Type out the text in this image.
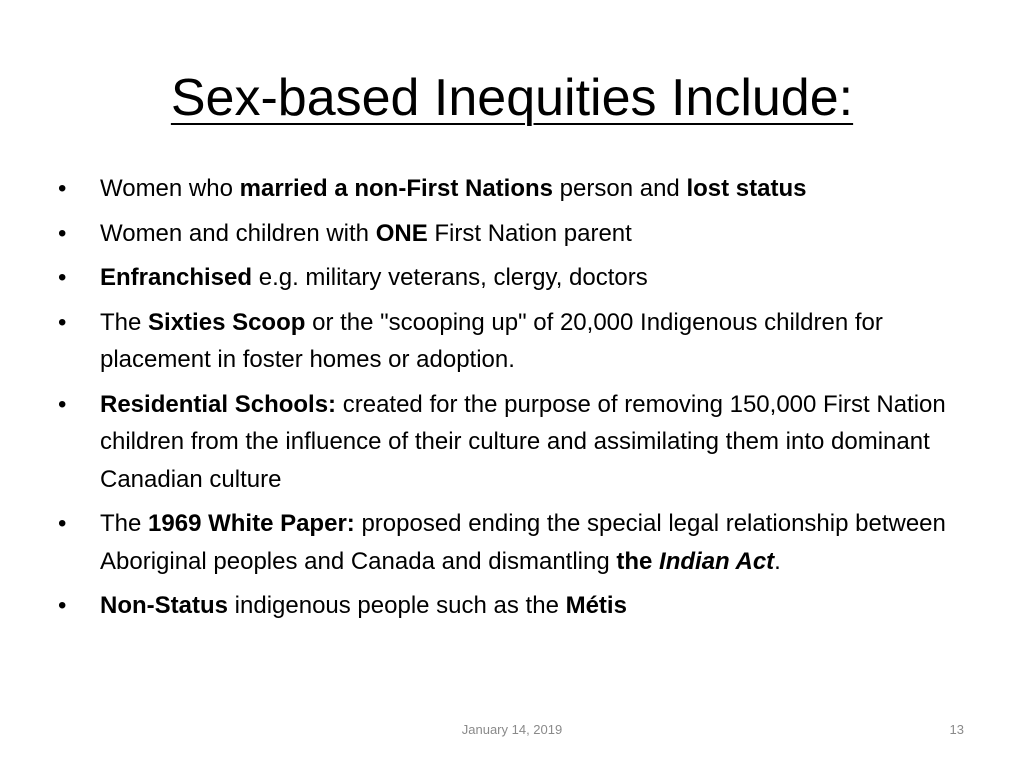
Sex-based Inequities Include:
•	Women who married a non-First Nations person and lost status
•	Women and children with ONE First Nation parent
•	Enfranchised e.g. military veterans, clergy, doctors
•	The Sixties Scoop or the "scooping up" of 20,000 Indigenous children for placement in foster homes or adoption.
•	Residential Schools: created for the purpose of removing 150,000 First Nation children from the influence of their culture and assimilating them into dominant Canadian culture
•	The 1969 White Paper: proposed ending the special legal relationship between Aboriginal peoples and Canada and dismantling the Indian Act.
•	Non-Status indigenous people such as the Métis
January 14, 2019	13
